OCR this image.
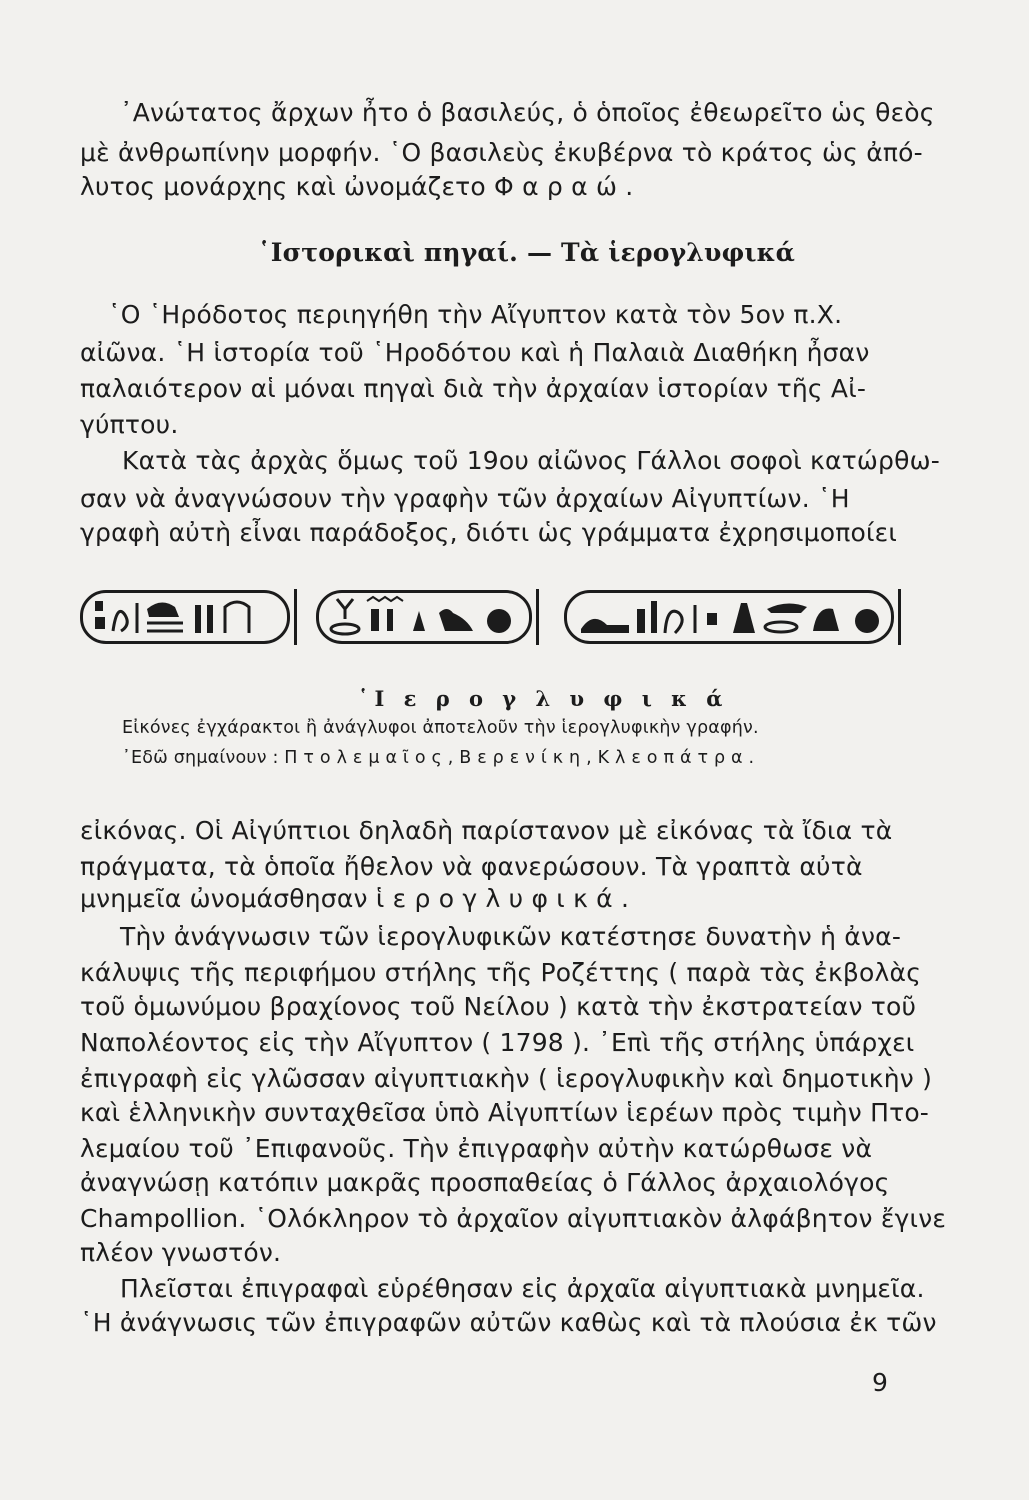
᾿Ανώτατος ἄρχων ἦτο ὁ βασιλεύς, ὁ ὁποῖος ἐθεωρεῖτο ὡς θεὸς
μὲ ἀνθρωπίνην μορφήν. ῾Ο βασιλεὺς ἐκυβέρνα τὸ κράτος ὡς ἀπό-
λυτος μονάρχης καὶ ὠνομάζετο Φ α ρ α ώ .
῾Ιστορικαὶ πηγαί. — Τὰ ἱερογλυφικά
῾Ο ῾Ηρόδοτος περιηγήθη τὴν Αἴγυπτον κατὰ τὸν 5ον π.Χ.
αἰῶνα. ῾Η ἱστορία τοῦ ῾Ηροδότου καὶ ἡ Παλαιὰ Διαθήκη ἦσαν
παλαιότερον αἱ μόναι πηγαὶ διὰ τὴν ἀρχαίαν ἱστορίαν τῆς Αἰ-
γύπτου.
Κατὰ τὰς ἀρχὰς ὅμως τοῦ 19ου αἰῶνος Γάλλοι σοφοὶ κατώρθω-
σαν νὰ ἀναγνώσουν τὴν γραφὴν τῶν ἀρχαίων Αἰγυπτίων. ῾Η
γραφὴ αὐτὴ εἶναι παράδοξος, διότι ὡς γράμματα ἐχρησιμοποίει
῾Ι ε ρ ο γ λ υ φ ι κ ά
Εἰκόνες ἐγχάρακτοι ἢ ἀνάγλυφοι ἀποτελοῦν τὴν ἱερογλυφικὴν γραφήν.
᾿Εδῶ σημαίνουν : Π τ ο λ ε μ α ῖ ο ς , Β ε ρ ε ν ί κ η , Κ λ ε ο π ά τ ρ α .
εἰκόνας. Οἱ Αἰγύπτιοι δηλαδὴ παρίστανον μὲ εἰκόνας τὰ ἴδια τὰ
πράγματα, τὰ ὁποῖα ἤθελον νὰ φανερώσουν. Τὰ γραπτὰ αὐτὰ
μνημεῖα ὠνομάσθησαν ἱ ε ρ ο γ λ υ φ ι κ ά .
Τὴν ἀνάγνωσιν τῶν ἱερογλυφικῶν κατέστησε δυνατὴν ἡ ἀνα-
κάλυψις τῆς περιφήμου στήλης τῆς Ροζέττης ( παρὰ τὰς ἐκβολὰς
τοῦ ὁμωνύμου βραχίονος τοῦ Νείλου ) κατὰ τὴν ἐκστρατείαν τοῦ
Ναπολέοντος εἰς τὴν Αἴγυπτον ( 1798 ). ᾿Επὶ τῆς στήλης ὑπάρχει
ἐπιγραφὴ εἰς γλῶσσαν αἰγυπτιακὴν ( ἱερογλυφικὴν καὶ δημοτικὴν )
καὶ ἑλληνικὴν συνταχθεῖσα ὑπὸ Αἰγυπτίων ἱερέων πρὸς τιμὴν Πτο-
λεμαίου τοῦ ᾿Επιφανοῦς. Τὴν ἐπιγραφὴν αὐτὴν κατώρθωσε νὰ
ἀναγνώσῃ κατόπιν μακρᾶς προσπαθείας ὁ Γάλλος ἀρχαιολόγος
Champollion. ῾Ολόκληρον τὸ ἀρχαῖον αἰγυπτιακὸν ἀλφάβητον ἔγινε
πλέον γνωστόν.
Πλεῖσται ἐπιγραφαὶ εὑρέθησαν εἰς ἀρχαῖα αἰγυπτιακὰ μνημεῖα.
῾Η ἀνάγνωσις τῶν ἐπιγραφῶν αὐτῶν καθὼς καὶ τὰ πλούσια ἐκ τῶν
9
